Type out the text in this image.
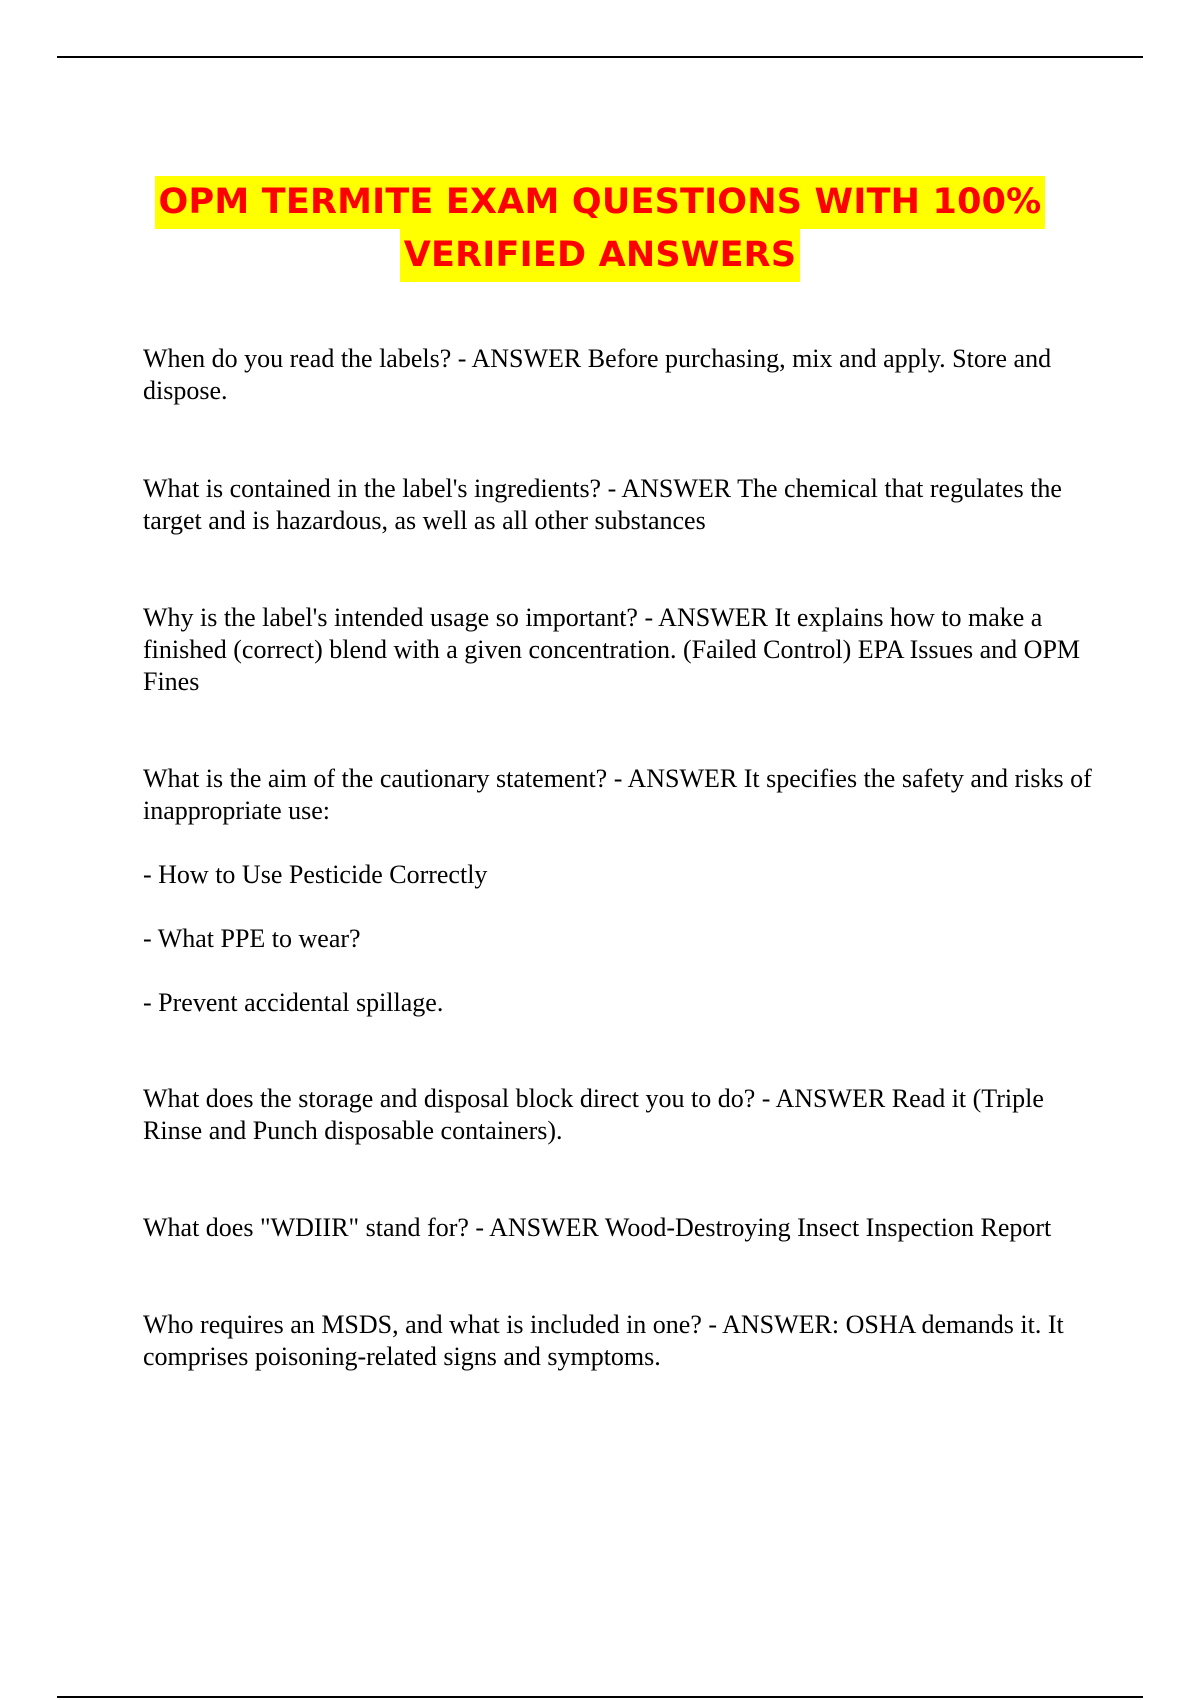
OPM TERMITE EXAM QUESTIONS WITH 100%
VERIFIED ANSWERS

When do you read the labels? - ANSWER Before purchasing, mix and apply. Store and dispose.

What is contained in the label's ingredients? - ANSWER The chemical that regulates the target and is hazardous, as well as all other substances

Why is the label's intended usage so important? - ANSWER It explains how to make a finished (correct) blend with a given concentration. (Failed Control) EPA Issues and OPM Fines

What is the aim of the cautionary statement? - ANSWER It specifies the safety and risks of inappropriate use:

- How to Use Pesticide Correctly

- What PPE to wear?

- Prevent accidental spillage.

What does the storage and disposal block direct you to do? - ANSWER Read it (Triple Rinse and Punch disposable containers).

What does "WDIIR" stand for? - ANSWER Wood-Destroying Insect Inspection Report

Who requires an MSDS, and what is included in one? - ANSWER: OSHA demands it. It comprises poisoning-related signs and symptoms.
